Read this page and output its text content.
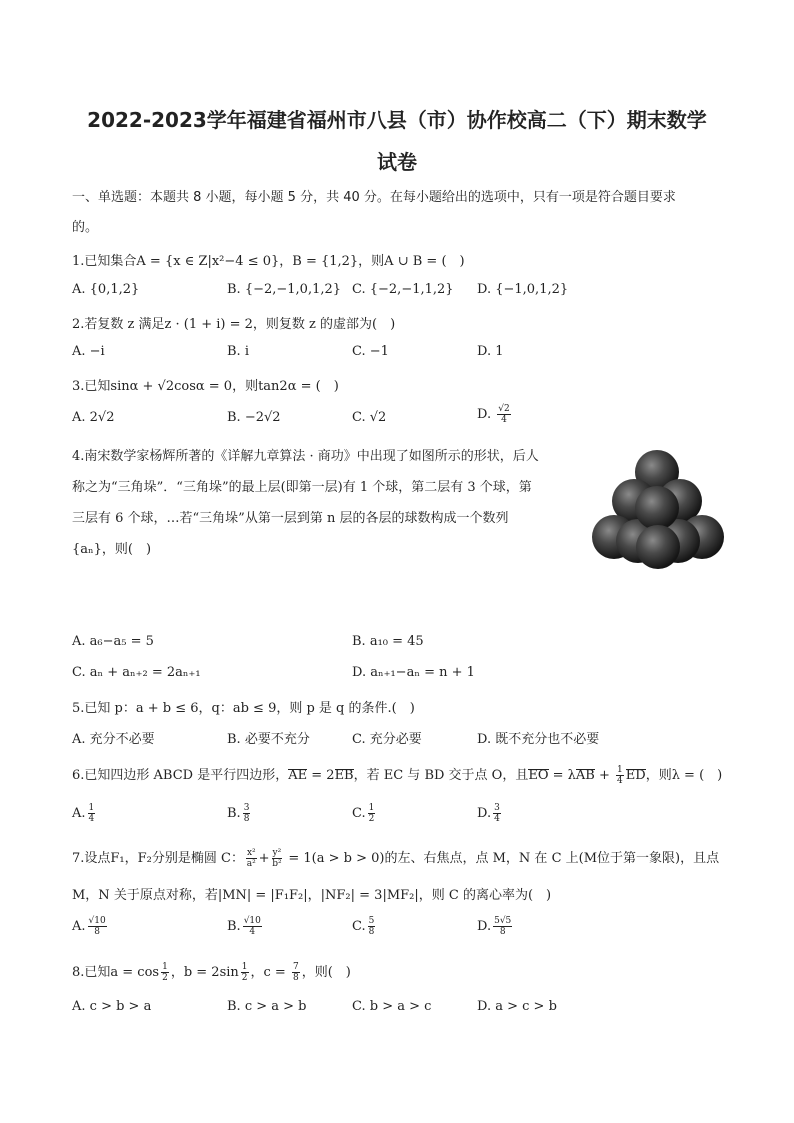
2022-2023学年福建省福州市八县（市）协作校高二（下）期末数学
试卷
一、单选题：本题共 8 小题，每小题 5 分，共 40 分。在每小题给出的选项中，只有一项是符合题目要求
的。
1.已知集合A = {x ∈ Z|x²−4 ≤ 0}，B = {1,2}，则A ∪ B = (　)
A. {0,1,2}	B. {−2,−1,0,1,2} C. {−2,−1,1,2} D. {−1,0,1,2}
2.若复数 z 满足z · (1 + i) = 2，则复数 z 的虚部为(　)
A. −i	B. i	C. −1	D. 1
3.已知sinα + √2cosα = 0，则tan2α = (　)
A. 2√2	B. −2√2	C. √2	D. $\frac{√2}{4}$
4.南宋数学家杨辉所著的《详解九章算法 · 商功》中出现了如图所示的形状，后人
称之为“三角垛”．“三角垛”的最上层(即第一层)有 1 个球，第二层有 3 个球，第
三层有 6 个球，…若“三角垛”从第一层到第 n 层的各层的球数构成一个数列
{aₙ}，则(　)
A. a₆−a₅ = 5	B. a₁₀ = 45
C. aₙ + aₙ₊₂ = 2aₙ₊₁	D. aₙ₊₁−aₙ = n + 1
5.已知 p：a + b ≤ 6，q：ab ≤ 9，则 p 是 q 的条件.(　)
A. 充分不必要	B. 必要不充分	C. 充分必要	D. 既不充分也不必要
6.已知四边形 ABCD 是平行四边形，AE = 2EB，若 EC 与 BD 交于点 O，且EO = $\lambda AB + \frac{1}{4}$ ED，则λ = (　)
A. $\frac{1}{4}$	B. $\frac{3}{8}$	C. $\frac{1}{2}$	D. $\frac{3}{4}$
7.设点F₁，F₂分别是椭圆 C： $\frac{\text{x²}}{\text{a²}} + \frac{\text{y²}}{\text{b²}} = 1(a > b > 0)$的左、右焦点，点 M，N 在 C 上(M位于第一象限)，且点
M，N 关于原点对称，若|MN| = |F₁F₂|，|NF₂| = 3|MF₂|，则 C 的离心率为(　)
A. $\frac{√10}{8}$	B. $\frac{√10}{4}$	C. $\frac{5}{8}$	D. $\frac{5√5}{8}$
8.已知$a = \cos \frac{1}{2}$ ，$b = 2\sin \frac{1}{2}$ ，$c = \frac{7}{8}$ ，则(　)
A. c > b > a	B. c > a > b	C. b > a > c	D. a > c > b
